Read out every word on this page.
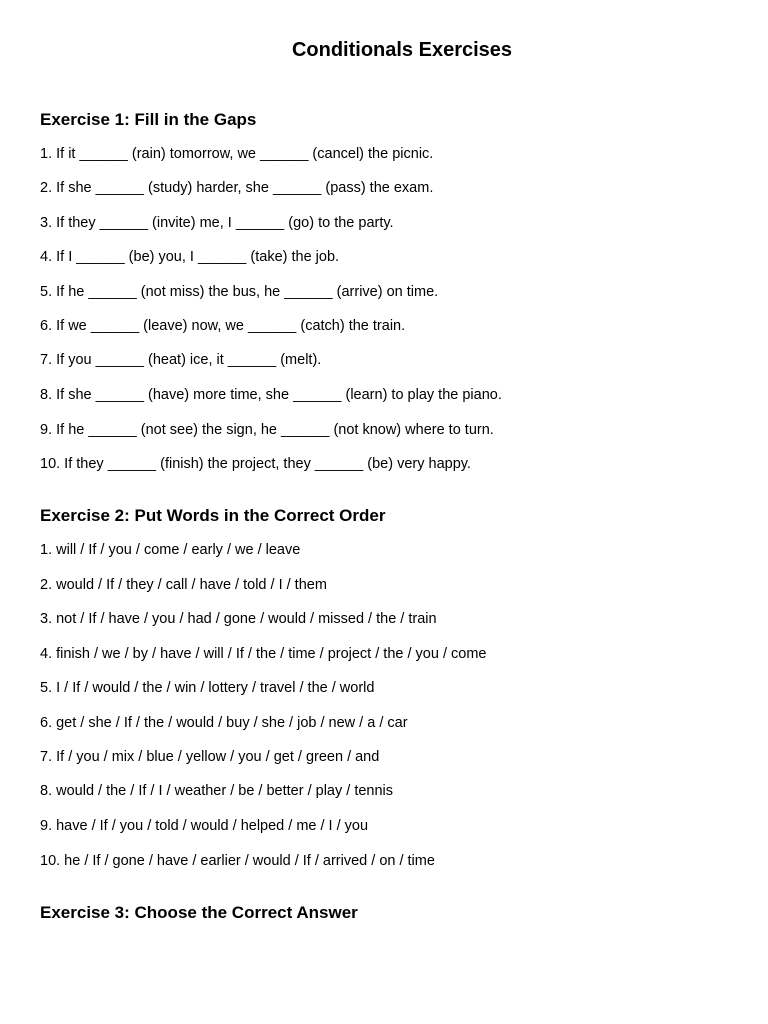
Conditionals Exercises
Exercise 1: Fill in the Gaps
1. If it ______ (rain) tomorrow, we ______ (cancel) the picnic.
2. If she ______ (study) harder, she ______ (pass) the exam.
3. If they ______ (invite) me, I ______ (go) to the party.
4. If I ______ (be) you, I ______ (take) the job.
5. If he ______ (not miss) the bus, he ______ (arrive) on time.
6. If we ______ (leave) now, we ______ (catch) the train.
7. If you ______ (heat) ice, it ______ (melt).
8. If she ______ (have) more time, she ______ (learn) to play the piano.
9. If he ______ (not see) the sign, he ______ (not know) where to turn.
10. If they ______ (finish) the project, they ______ (be) very happy.
Exercise 2: Put Words in the Correct Order
1. will / If / you / come / early / we / leave
2. would / If / they / call / have / told / I / them
3. not / If / have / you / had / gone / would / missed / the / train
4. finish / we / by / have / will / If / the / time / project / the / you / come
5. I / If / would / the / win / lottery / travel / the / world
6. get / she / If / the / would / buy / she / job / new / a / car
7. If / you / mix / blue / yellow / you / get / green / and
8. would / the / If / I / weather / be / better / play / tennis
9. have / If / you / told / would / helped / me / I / you
10. he / If / gone / have / earlier / would / If / arrived / on / time
Exercise 3: Choose the Correct Answer
